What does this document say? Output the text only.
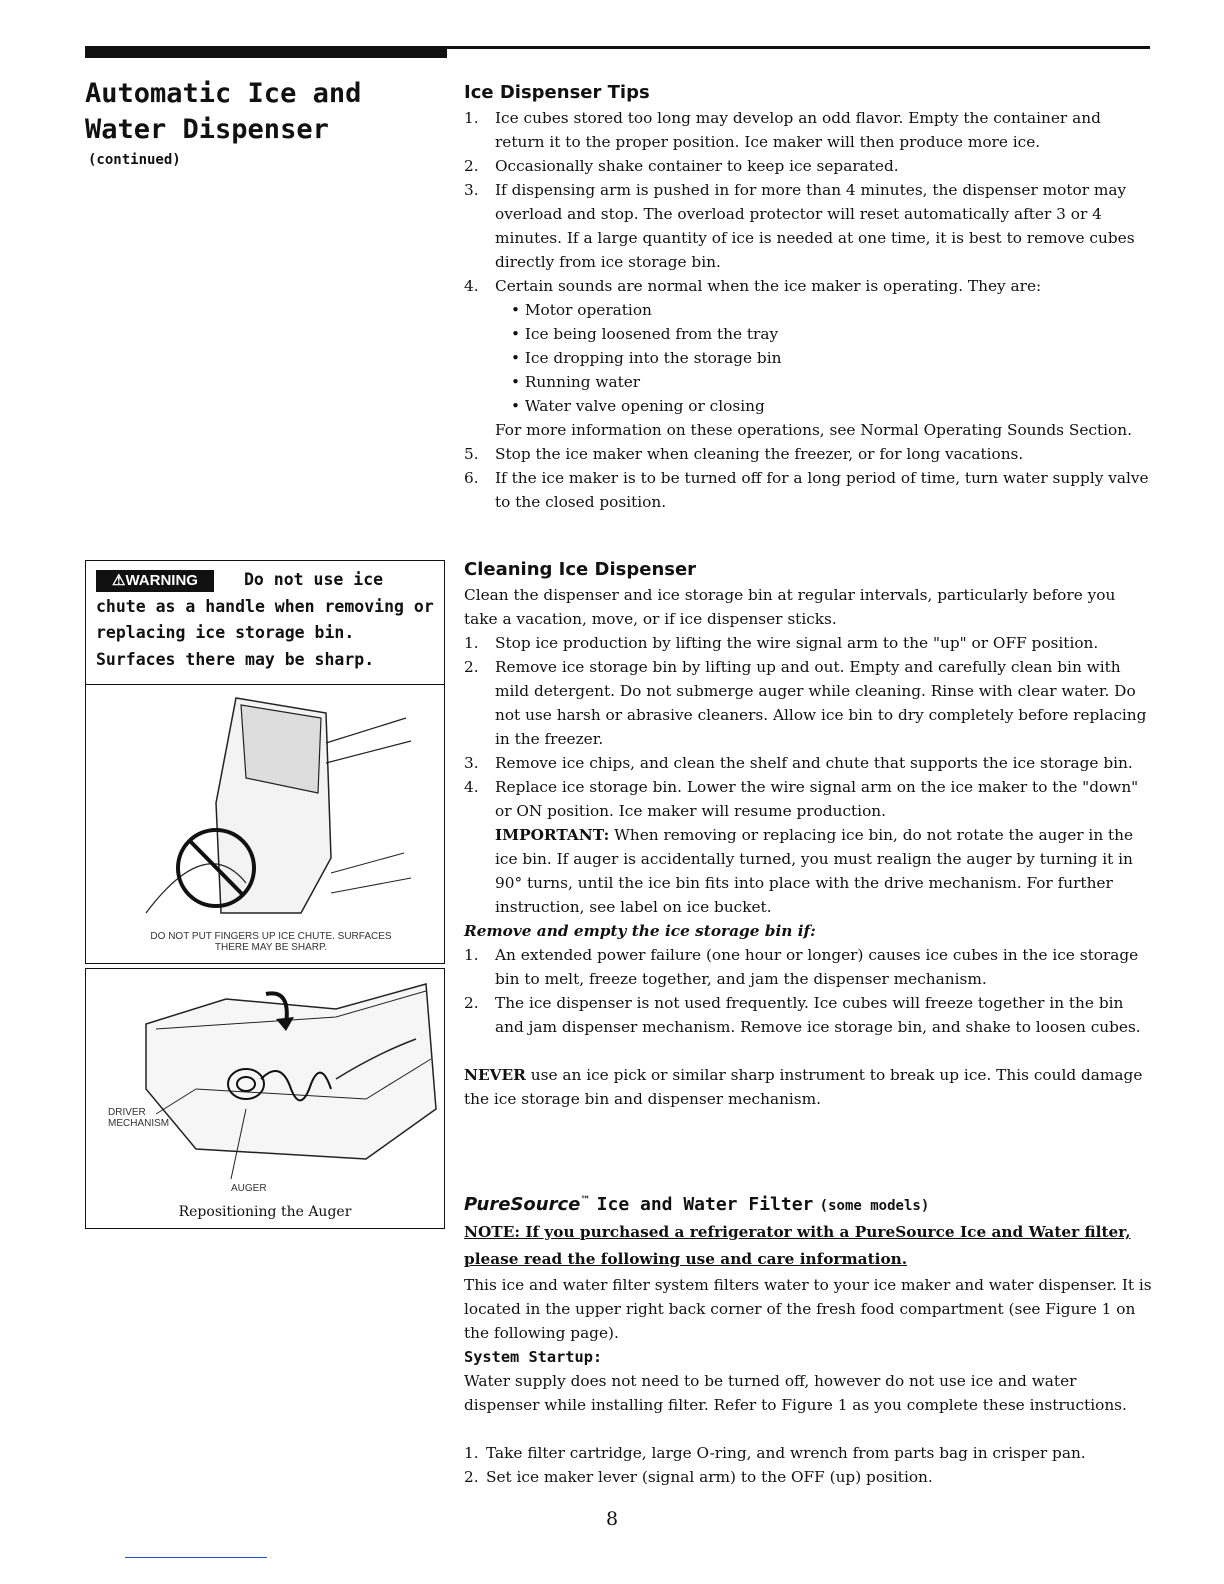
Automatic Ice and Water Dispenser
(continued)
Ice Dispenser Tips
1. Ice cubes stored too long may develop an odd flavor. Empty the container and return it to the proper position. Ice maker will then produce more ice.
2. Occasionally shake container to keep ice separated.
3. If dispensing arm is pushed in for more than 4 minutes, the dispenser motor may overload and stop. The overload protector will reset automatically after 3 or 4 minutes. If a large quantity of ice is needed at one time, it is best to remove cubes directly from ice storage bin.
4. Certain sounds are normal when the ice maker is operating. They are:
• Motor operation
• Ice being loosened from the tray
• Ice dropping into the storage bin
• Running water
• Water valve opening or closing

For more information on these operations, see Normal Operating Sounds Section.

5. Stop the ice maker when cleaning the freezer, or for long vacations.
6. If the ice maker is to be turned off for a long period of time, turn water supply valve to the closed position.
Cleaning Ice Dispenser

Clean the dispenser and ice storage bin at regular intervals, particularly before you take a vacation, move, or if ice dispenser sticks.

1. Stop ice production by lifting the wire signal arm to the "up" or OFF position.
2. Remove ice storage bin by lifting up and out. Empty and carefully clean bin with mild detergent. Do not submerge auger while cleaning. Rinse with clear water. Do not use harsh or abrasive cleaners. Allow ice bin to dry completely before replacing in the freezer.
3. Remove ice chips, and clean the shelf and chute that supports the ice storage bin.
4. Replace ice storage bin. Lower the wire signal arm on the ice maker to the "down" or ON position. Ice maker will resume production.

IMPORTANT: When removing or replacing ice bin, do not rotate the auger in the ice bin. If auger is accidentally turned, you must realign the auger by turning it in 90° turns, until the ice bin fits into place with the drive mechanism. For further instruction, see label on ice bucket.

Remove and empty the ice storage bin if:

1. An extended power failure (one hour or longer) causes ice cubes in the ice storage bin to melt, freeze together, and jam the dispenser mechanism.
2. The ice dispenser is not used frequently. Ice cubes will freeze together in the bin and jam dispenser mechanism. Remove ice storage bin, and shake to loosen cubes.

NEVER use an ice pick or similar sharp instrument to break up ice. This could damage the ice storage bin and dispenser mechanism.

PureSource™ Ice and Water Filter (some models)

NOTE: If you purchased a refrigerator with a PureSource Ice and Water filter, please read the following use and care information.

This ice and water filter system filters water to your ice maker and water dispenser. It is located in the upper right back corner of the fresh food compartment (see Figure 1 on the following page).

System Startup:

Water supply does not need to be turned off, however do not use ice and water dispenser while installing filter. Refer to Figure 1 as you complete these instructions.

1. Take filter cartridge, large O-ring, and wrench from parts bag in crisper pan.
2. Set ice maker lever (signal arm) to the OFF (up) position.
⚠WARNING	Do not use ice chute as a handle when removing or replacing ice storage bin. Surfaces there may be sharp.
DO NOT PUT FINGERS UP ICE CHUTE. SURFACES THERE MAY BE SHARP.
DRIVER MECHANISM
AUGER
Repositioning the Auger
8
